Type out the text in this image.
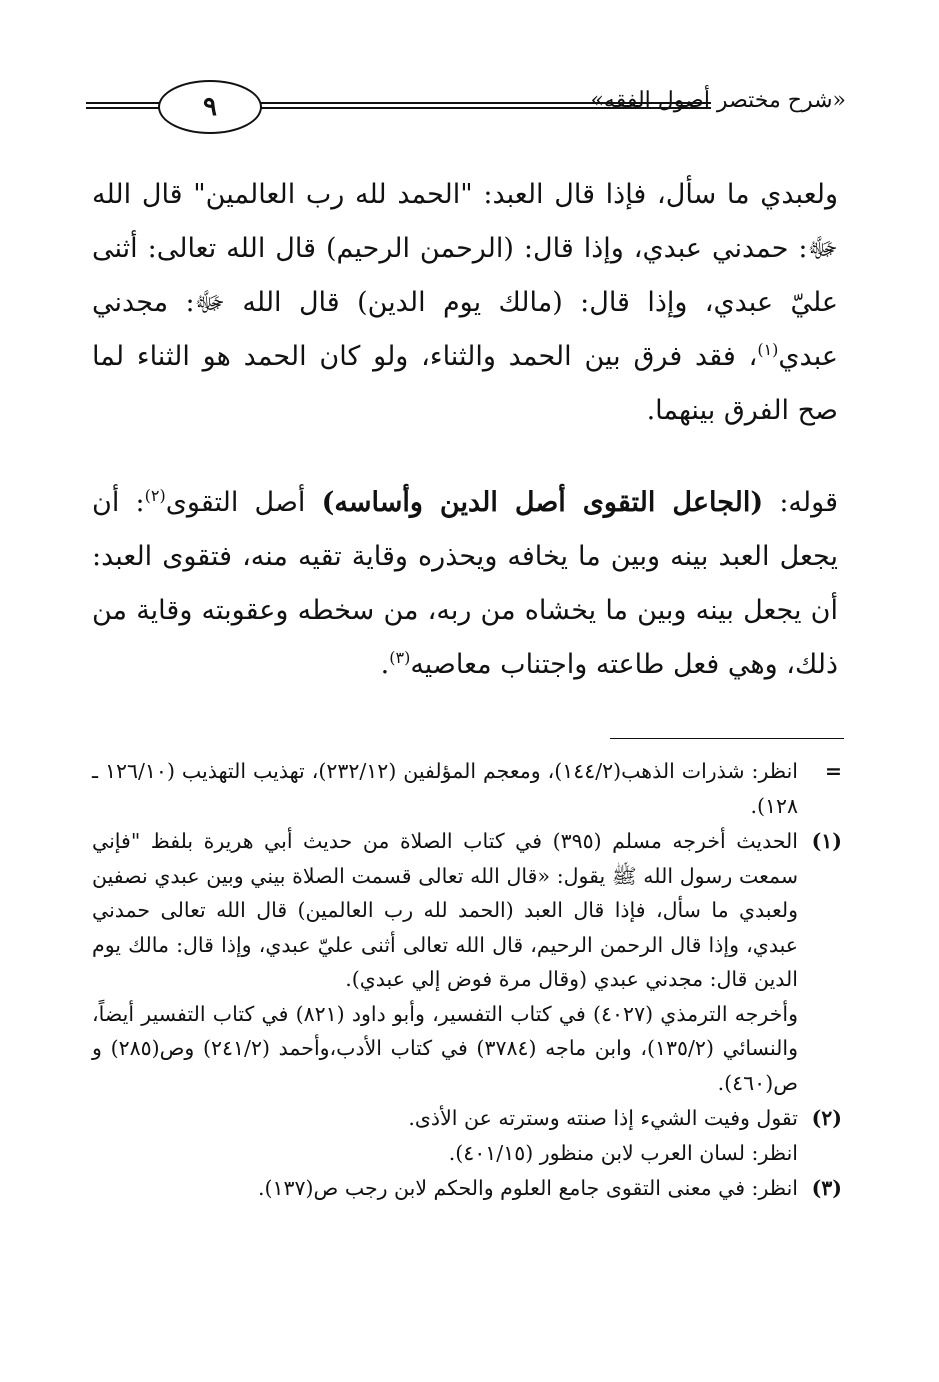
٩	«شرح مختصر أصول الفقه»

ولعبدي ما سأل، فإذا قال العبد: "الحمد لله رب العالمين" قال الله ﷻ: حمدني عبدي، وإذا قال: (الرحمن الرحيم) قال الله تعالى: أثنى عليّ عبدي، وإذا قال: (مالك يوم الدين) قال الله ﷻ: مجدني عبدي$^{(١)}$، فقد فرق بين الحمد والثناء، ولو كان الحمد هو الثناء لما صح الفرق بينهما.

قوله: (الجاعل التقوى أصل الدين وأساسه) أصل التقوى$^{(٢)}$: أن يجعل العبد بينه وبين ما يخافه ويحذره وقاية تقيه منه، فتقوى العبد: أن يجعل بينه وبين ما يخشاه من ربه، من سخطه وعقوبته وقاية من ذلك، وهي فعل طاعته واجتناب معاصيه$^{(٣)}$.

=

انظر: شذرات الذهب(١٤٤/٢)، ومعجم المؤلفين (٢٣٢/١٢)، تهذيب التهذيب (١٢٦/١٠ ـ ١٢٨).

(١)

الحديث أخرجه مسلم (٣٩٥) في كتاب الصلاة من حديث أبي هريرة بلفظ "فإني سمعت رسول الله ﷺ يقول: «قال الله تعالى قسمت الصلاة بيني وبين عبدي نصفين ولعبدي ما سأل، فإذا قال العبد (الحمد لله رب العالمين) قال الله تعالى حمدني عبدي، وإذا قال الرحمن الرحيم، قال الله تعالى أثنى عليّ عبدي، وإذا قال: مالك يوم الدين قال: مجدني عبدي (وقال مرة فوض إلي عبدي).

وأخرجه الترمذي (٤٠٢٧) في كتاب التفسير، وأبو داود (٨٢١) في كتاب التفسير أيضاً، والنسائي (١٣٥/٢)، وابن ماجه (٣٧٨٤) في كتاب الأدب،وأحمد (٢٤١/٢) وص(٢٨٥) و ص(٤٦٠).

(٢)

تقول وفيت الشيء إذا صنته وسترته عن الأذى.

انظر: لسان العرب لابن منظور (٤٠١/١٥).

(٣)

انظر: في معنى التقوى جامع العلوم والحكم لابن رجب ص(١٣٧).
